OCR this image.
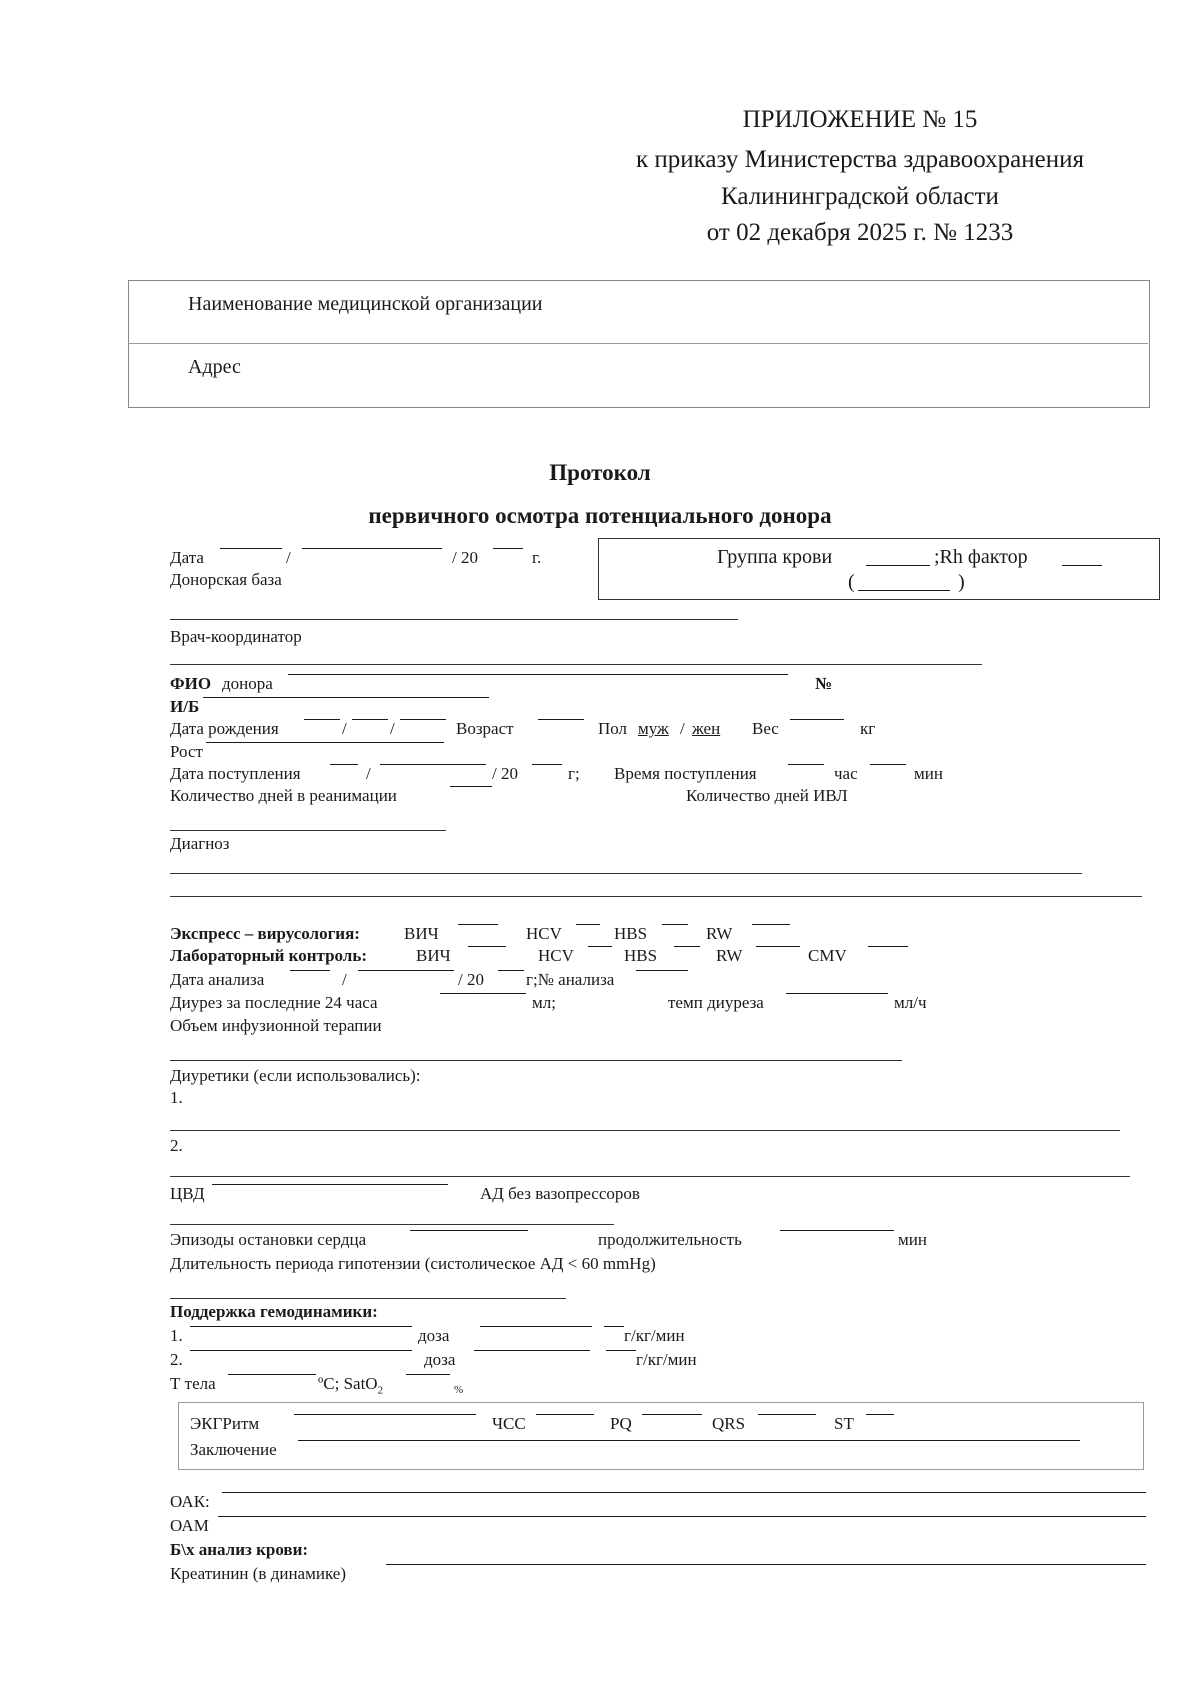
ПРИЛОЖЕНИЕ № 15
к приказу Министерства здравоохранения
Калининградской области
от 02 декабря 2025 г. № 1233
Наименование медицинской организации
Адрес
Протокол
первичного осмотра потенциального донора
Дата	/	/ 20	г.
Донорская база
Группа крови	;Rh фактор
(	)
Врач-координатор
ФИО донора	№
И/Б
Дата рождения	/	/	Возраст	Пол муж / жен Вес	кг
Рост
Дата поступления	/	/ 20	г; Время поступления	час	мин
Количество дней в реанимации	Количество дней ИВЛ
Диагноз
Экспресс – вирусология:	ВИЧ	HCV	HBS	RW
Лабораторный контроль:	ВИЧ	HCV	HBS	RW	CMV
Дата анализа	/	/ 20 г;№ анализа
Диурез за последние 24 часа	мл;	темп диуреза	мл/ч
Объем инфузионной терапии
Диуретики (если использовались):
1.
2.
ЦВД	АД без вазопрессоров
Эпизоды остановки сердца	продолжительность	мин
Длительность периода гипотензии (систолическое АД < 60 mmHg)
Поддержка гемодинамики:
1.	доза	г/кг/мин
2.	доза	г/кг/мин
Т тела	ºС; SatO$_2$	%
ЭКГРитм	ЧСС	PQ	QRS	ST
Заключение
ОАК:
ОАМ
Б\х анализ крови:
Креатинин (в динамике)
